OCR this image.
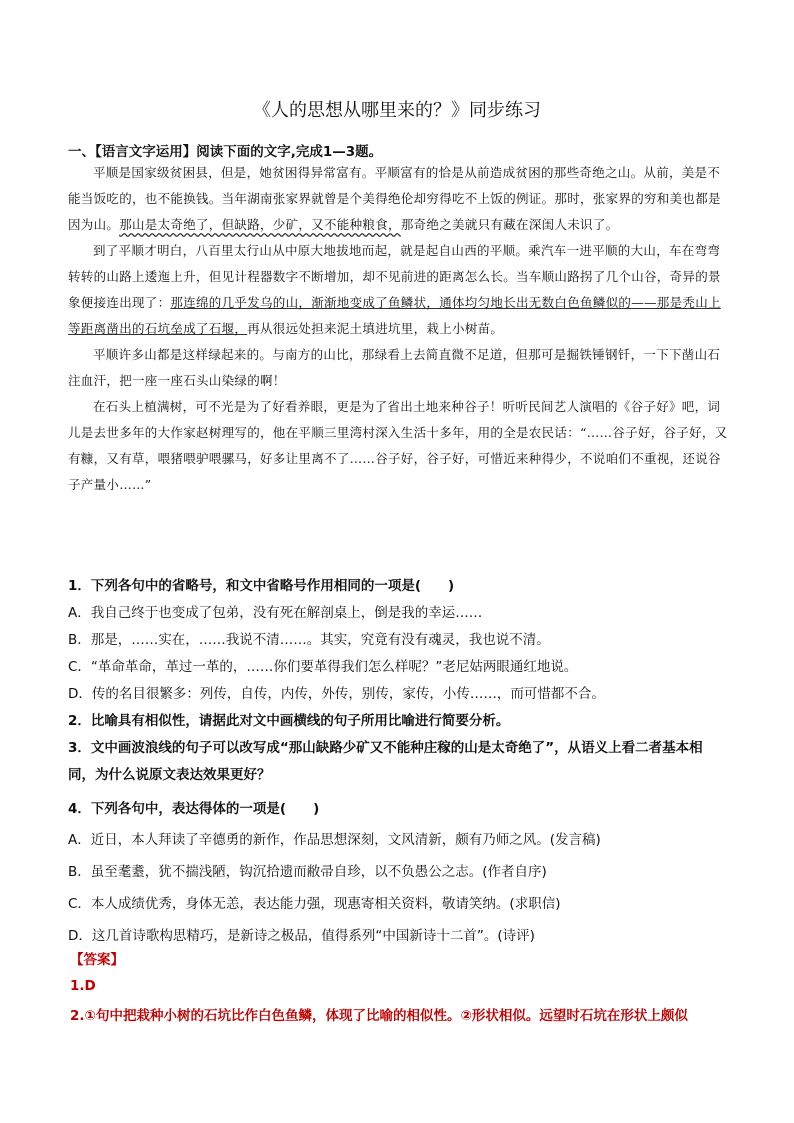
《人的思想从哪里来的？》同步练习
一、【语言文字运用】阅读下面的文字,完成1—3题。

平顺是国家级贫困县，但是，她贫困得异常富有。平顺富有的恰是从前造成贫困的那些奇绝之山。从前，美是不能当饭吃的，也不能换钱。当年湖南张家界就曾是个美得绝伦却穷得吃不上饭的例证。那时，张家界的穷和美也都是因为山。那山是太奇绝了，但缺路，少矿，又不能种粮食，那奇绝之美就只有藏在深闺人未识了。

到了平顺才明白，八百里太行山从中原大地拔地而起，就是起自山西的平顺。乘汽车一进平顺的大山，车在弯弯转转的山路上逶迤上升，但见计程器数字不断增加，却不见前进的距离怎么长。当车顺山路拐了几个山谷，奇异的景象便接连出现了：那连绵的几乎发乌的山，渐渐地变成了鱼鳞状，通体均匀地长出无数白色鱼鳞似的——那是秃山上等距离凿出的石坑垒成了石堰，再从很远处担来泥土填进坑里，栽上小树苗。

平顺许多山都是这样绿起来的。与南方的山比，那绿看上去简直微不足道，但那可是掘铁锤钢钎，一下下凿山石注血汗，把一座一座石头山染绿的啊！

在石头上植满树，可不光是为了好看养眼，更是为了省出土地来种谷子！听听民间艺人演唱的《谷子好》吧，词儿是去世多年的大作家赵树理写的，他在平顺三里湾村深入生活十多年，用的全是农民话：“……谷子好，谷子好，又有糠，又有草，喂猪喂驴喂骡马，好多让里离不了……谷子好，谷子好，可惜近来种得少，不说咱们不重视，还说谷子产量小……”

1．下列各句中的省略号，和文中省略号作用相同的一项是(　　)
A．我自己终于也变成了包弟，没有死在解剖桌上，倒是我的幸运……
B．那是，……实在，……我说不清……。其实，究竟有没有魂灵，我也说不清。
C．“革命革命，革过一革的，……你们要革得我们怎么样呢？”老尼姑两眼通红地说。
D．传的名目很繁多：列传，自传，内传，外传，别传，家传，小传……，而可惜都不合。
2．比喻具有相似性，请据此对文中画横线的句子所用比喻进行简要分析。
3．文中画波浪线的句子可以改写成“那山缺路少矿又不能种庄稼的山是太奇绝了”，从语义上看二者基本相
同，为什么说原文表达效果更好？
4．下列各句中，表达得体的一项是(　　)
A．近日，本人拜读了辛德勇的新作，作品思想深刻，文风清新，颇有乃师之风。(发言稿)
B．虽至耄耋，犹不揣浅陋，钩沉拾遗而敝帚自珍，以不负愚公之志。(作者自序)
C．本人成绩优秀，身体无恙，表达能力强，现惠寄相关资料，敬请笑纳。(求职信)
D．这几首诗歌构思精巧，是新诗之极品，值得系列“中国新诗十二首”。(诗评)
【答案】
1.D
2.①句中把栽种小树的石坑比作白色鱼鳞，体现了比喻的相似性。②形状相似。远望时石坑在形状上颇似
